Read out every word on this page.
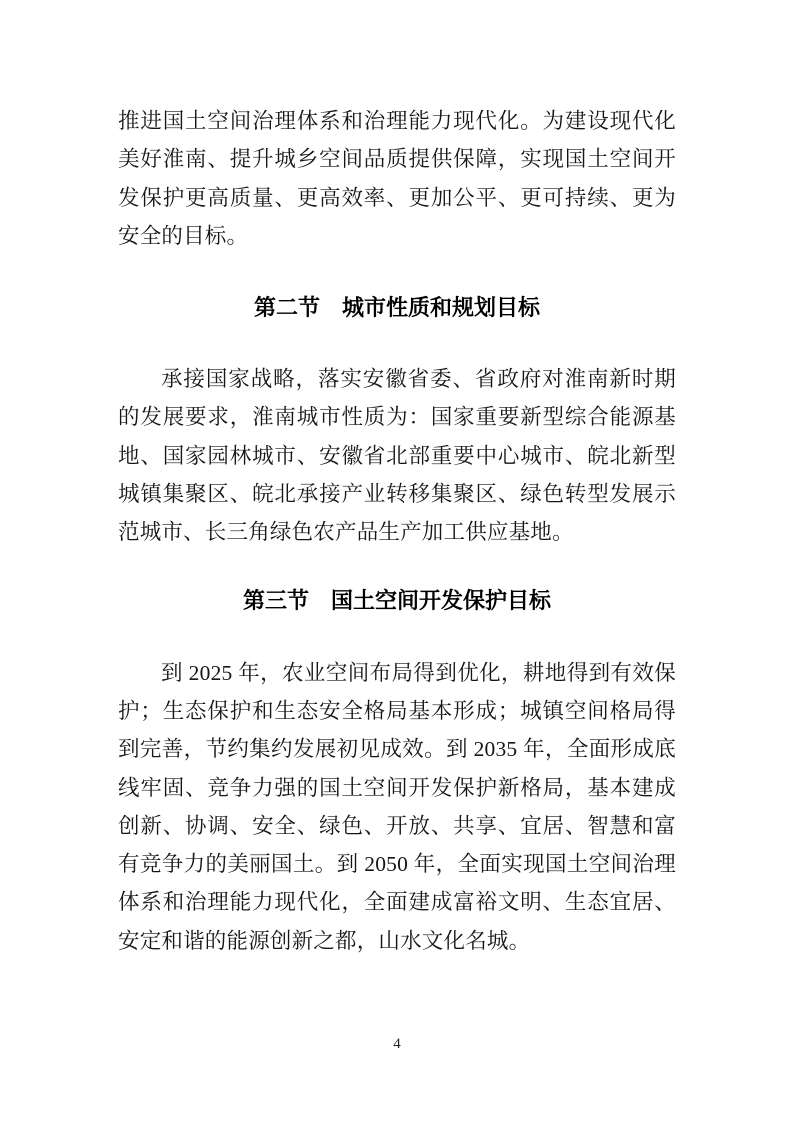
推进国土空间治理体系和治理能力现代化。为建设现代化美好淮南、提升城乡空间品质提供保障，实现国土空间开发保护更高质量、更高效率、更加公平、更可持续、更为安全的目标。

第二节　城市性质和规划目标

承接国家战略，落实安徽省委、省政府对淮南新时期的发展要求，淮南城市性质为：国家重要新型综合能源基地、国家园林城市、安徽省北部重要中心城市、皖北新型城镇集聚区、皖北承接产业转移集聚区、绿色转型发展示范城市、长三角绿色农产品生产加工供应基地。

第三节　国土空间开发保护目标

到 2025 年，农业空间布局得到优化，耕地得到有效保护；生态保护和生态安全格局基本形成；城镇空间格局得到完善，节约集约发展初见成效。到 2035 年，全面形成底线牢固、竞争力强的国土空间开发保护新格局，基本建成创新、协调、安全、绿色、开放、共享、宜居、智慧和富有竞争力的美丽国土。到 2050 年，全面实现国土空间治理体系和治理能力现代化，全面建成富裕文明、生态宜居、安定和谐的能源创新之都，山水文化名城。

4
